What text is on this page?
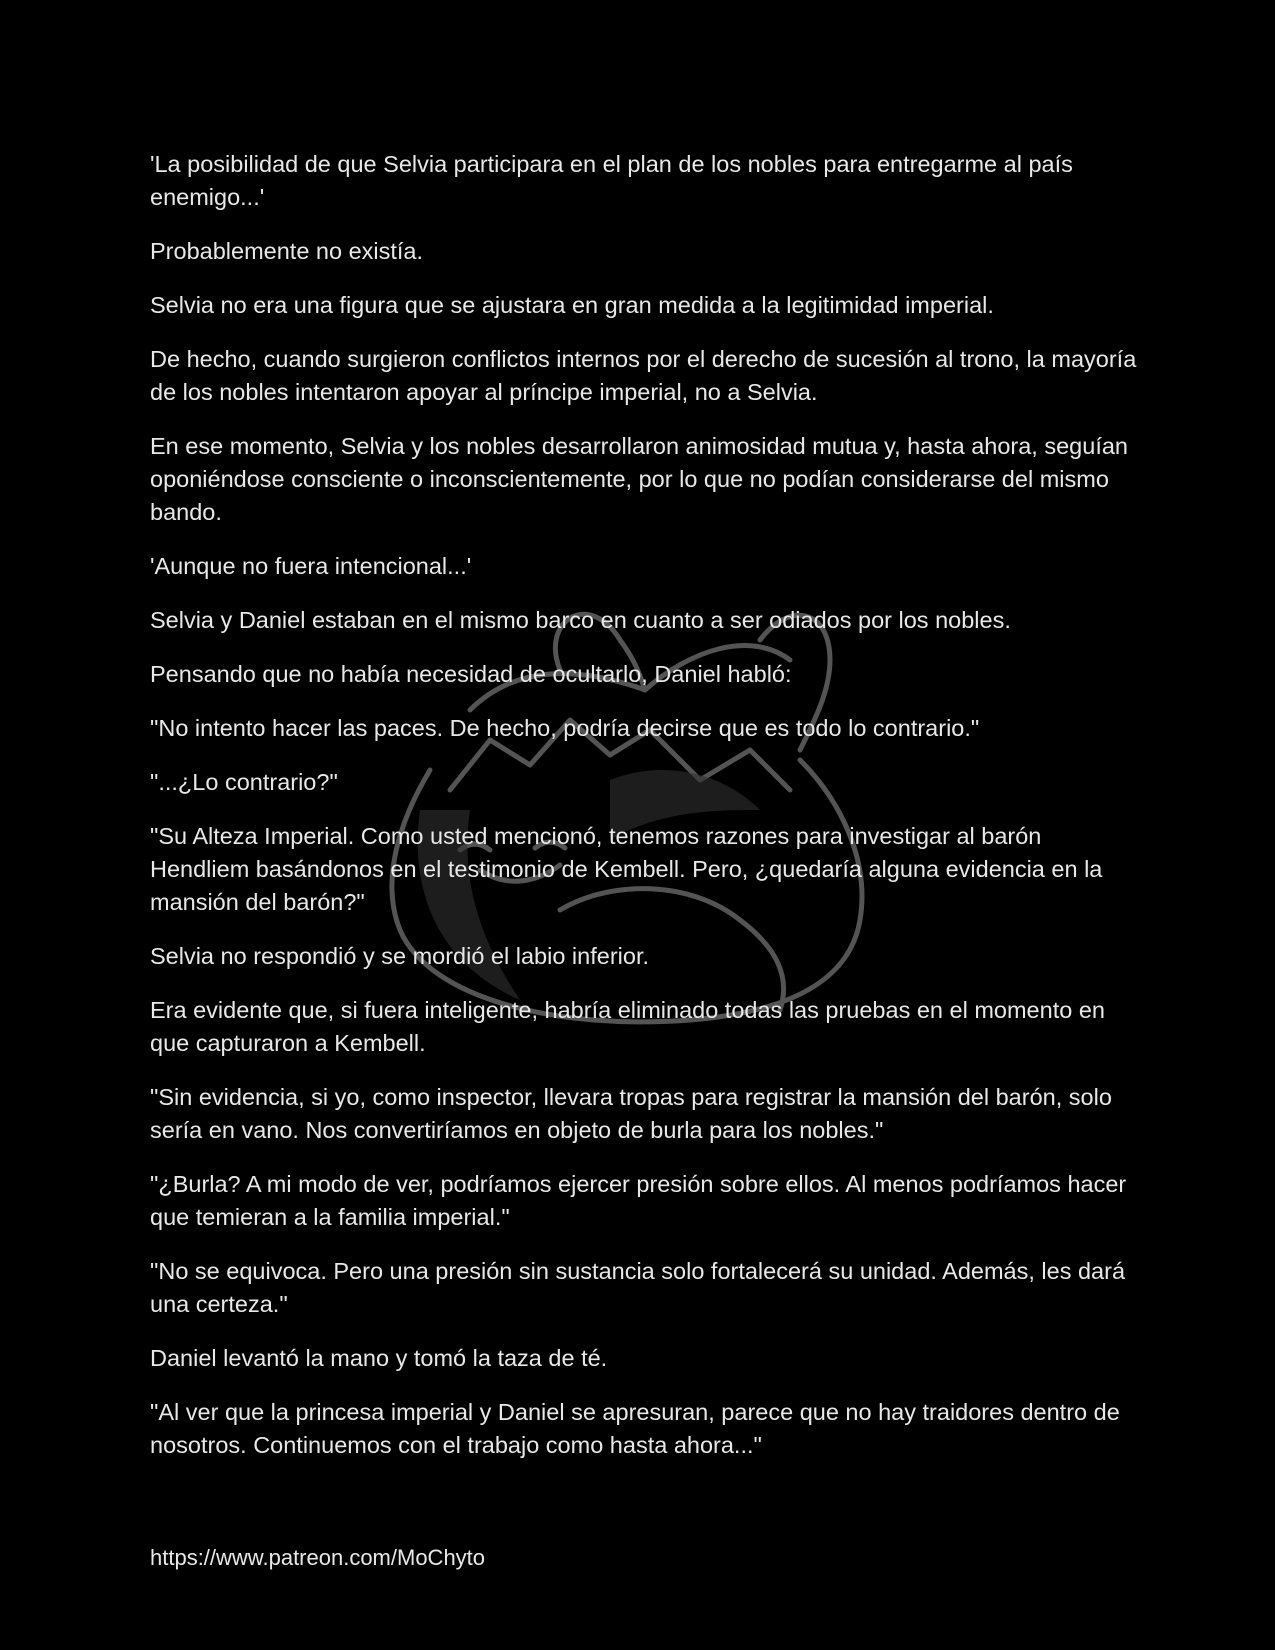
'La posibilidad de que Selvia participara en el plan de los nobles para entregarme al país enemigo...'

Probablemente no existía.

Selvia no era una figura que se ajustara en gran medida a la legitimidad imperial.

De hecho, cuando surgieron conflictos internos por el derecho de sucesión al trono, la mayoría de los nobles intentaron apoyar al príncipe imperial, no a Selvia.

En ese momento, Selvia y los nobles desarrollaron animosidad mutua y, hasta ahora, seguían oponiéndose consciente o inconscientemente, por lo que no podían considerarse del mismo bando.

'Aunque no fuera intencional...'

Selvia y Daniel estaban en el mismo barco en cuanto a ser odiados por los nobles.

Pensando que no había necesidad de ocultarlo, Daniel habló:

"No intento hacer las paces. De hecho, podría decirse que es todo lo contrario."

"...¿Lo contrario?"

"Su Alteza Imperial. Como usted mencionó, tenemos razones para investigar al barón Hendliem basándonos en el testimonio de Kembell. Pero, ¿quedaría alguna evidencia en la mansión del barón?"

Selvia no respondió y se mordió el labio inferior.

Era evidente que, si fuera inteligente, habría eliminado todas las pruebas en el momento en que capturaron a Kembell.

"Sin evidencia, si yo, como inspector, llevara tropas para registrar la mansión del barón, solo sería en vano. Nos convertiríamos en objeto de burla para los nobles."

"¿Burla? A mi modo de ver, podríamos ejercer presión sobre ellos. Al menos podríamos hacer que temieran a la familia imperial."

"No se equivoca. Pero una presión sin sustancia solo fortalecerá su unidad. Además, les dará una certeza."

Daniel levantó la mano y tomó la taza de té.

"Al ver que la princesa imperial y Daniel se apresuran, parece que no hay traidores dentro de nosotros. Continuemos con el trabajo como hasta ahora..."

https://www.patreon.com/MoChyto
